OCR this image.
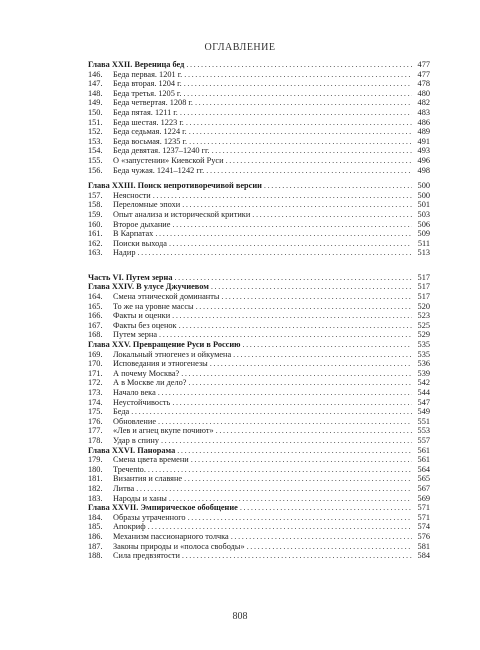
ОГЛАВЛЕНИЕ
Глава XXII. Вереница бед .....	477
146.	Беда первая. 1201 г. .....	477
147.	Беда вторая. 1204 г. .....	478
148.	Беда третья. 1205 г. .....	480
149.	Беда четвертая. 1208 г. .....	482
150.	Беда пятая. 1211 г. .....	483
151.	Беда шестая. 1223 г. .....	486
152.	Беда седьмая. 1224 г. .....	489
153.	Беда восьмая. 1235 г. .....	491
154.	Беда девятая. 1237–1240 гг. .....	493
155.	О «запустении» Киевской Руси .....	496
156.	Беда чужая. 1241–1242 гг. .....	498
Глава XXIII. Поиск непротиворечивой версии .....	500
157.	Неясности .....	500
158.	Переломные эпохи .....	501
159.	Опыт анализа и исторической критики .....	503
160.	Второе дыхание .....	506
161.	В Карпатах .....	509
162.	Поиски выхода .....	511
163.	Надир .....	513
Часть VI. Путем зерна .....	517
Глава XXIV. В улусе Джучиевом .....	517
164.	Смена этнической доминанты .....	517
165.	То же на уровне массы .....	520
166.	Факты и оценки .....	523
167.	Факты без оценок .....	525
168.	Путем зерна .....	529
Глава XXV. Превращение Руси в Россию .....	535
169.	Локальный этногенез и ойкумена .....	535
170.	Исповедания и этногенезы .....	536
171.	А почему Москва? .....	539
172.	А в Москве ли дело? .....	542
173.	Начало века .....	544
174.	Неустойчивость .....	547
175.	Беда .....	549
176.	Обновление .....	551
177.	«Лев и агнец вкупе почиют» .....	553
178.	Удар в спину .....	557
Глава XXVI. Панорама .....	561
179.	Смена цвета времени .....	561
180.	Тречento. .....	564
181.	Византия и славяне .....	565
182.	Литва .....	567
183.	Народы и ханы .....	569
Глава XXVII. Эмпирическое обобщение .....	571
184.	Образы утраченного .....	571
185.	Апокриф .....	574
186.	Механизм пассионарного толчка .....	576
187.	Законы природы и «полоса свободы» .....	581
188.	Сила предвзятости .....	584
808
